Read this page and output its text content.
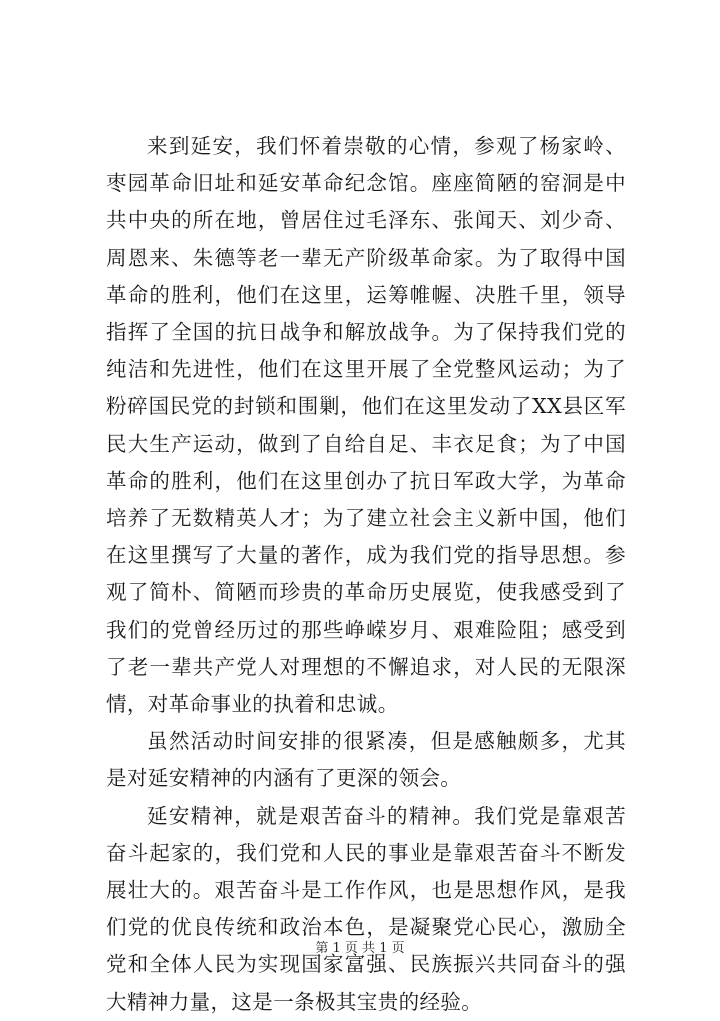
来到延安，我们怀着崇敬的心情，参观了杨家岭、枣园革命旧址和延安革命纪念馆。座座简陋的窑洞是中共中央的所在地，曾居住过毛泽东、张闻天、刘少奇、周恩来、朱德等老一辈无产阶级革命家。为了取得中国革命的胜利，他们在这里，运筹帷幄、决胜千里，领导指挥了全国的抗日战争和解放战争。为了保持我们党的纯洁和先进性，他们在这里开展了全党整风运动；为了粉碎国民党的封锁和围剿，他们在这里发动了XX县区军民大生产运动，做到了自给自足、丰衣足食；为了中国革命的胜利，他们在这里创办了抗日军政大学，为革命培养了无数精英人才；为了建立社会主义新中国，他们在这里撰写了大量的著作，成为我们党的指导思想。参观了简朴、简陋而珍贵的革命历史展览，使我感受到了我们的党曾经历过的那些峥嵘岁月、艰难险阻；感受到了老一辈共产党人对理想的不懈追求，对人民的无限深情，对革命事业的执着和忠诚。

虽然活动时间安排的很紧凑，但是感触颇多，尤其是对延安精神的内涵有了更深的领会。

延安精神，就是艰苦奋斗的精神。我们党是靠艰苦奋斗起家的，我们党和人民的事业是靠艰苦奋斗不断发展壮大的。艰苦奋斗是工作作风，也是思想作风，是我们党的优良传统和政治本色，是凝聚党心民心，激励全党和全体人民为实现国家富强、民族振兴共同奋斗的强大精神力量，这是一条极其宝贵的经验。

第 1 页 共 1 页
